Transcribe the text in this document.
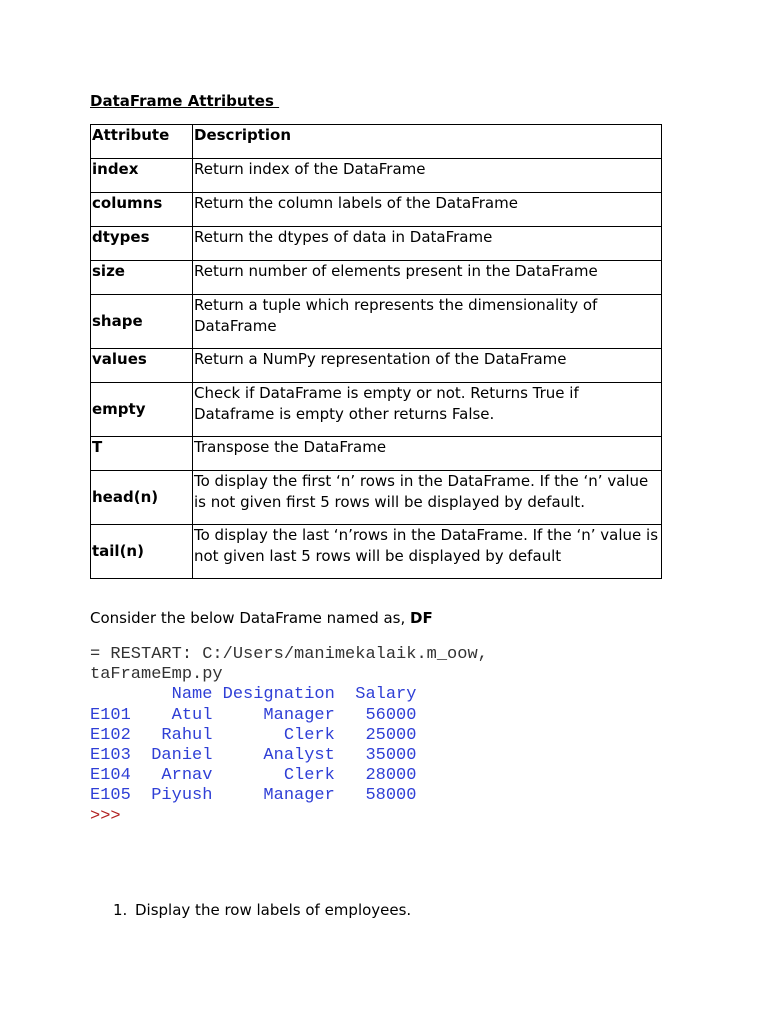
DataFrame Attributes
Attribute	Description
index	Return index of the DataFrame
columns	Return the column labels of the DataFrame
dtypes	Return the dtypes of data in DataFrame
size	Return number of elements present in the DataFrame
shape	Return a tuple which represents the dimensionality of DataFrame
values	Return a NumPy representation of the DataFrame
empty	Check if DataFrame is empty or not. Returns True if Dataframe is empty other returns False.
T	Transpose the DataFrame
head(n)	To display the first ‘n’ rows in the DataFrame. If the ‘n’ value is not given first 5 rows will be displayed by default.
tail(n)	To display the last ‘n’rows in the DataFrame. If the ‘n’ value is not given last 5 rows will be displayed by default
Consider the below DataFrame named as, DF
= RESTART: C:/Users/manimekalaik.m_oow,
taFrameEmp.py
Name Designation  Salary
E101    Atul     Manager   56000
E102   Rahul       Clerk   25000
E103  Daniel     Analyst   35000
E104   Arnav       Clerk   28000
E105  Piyush     Manager   58000
>>>
1. Display the row labels of employees.
